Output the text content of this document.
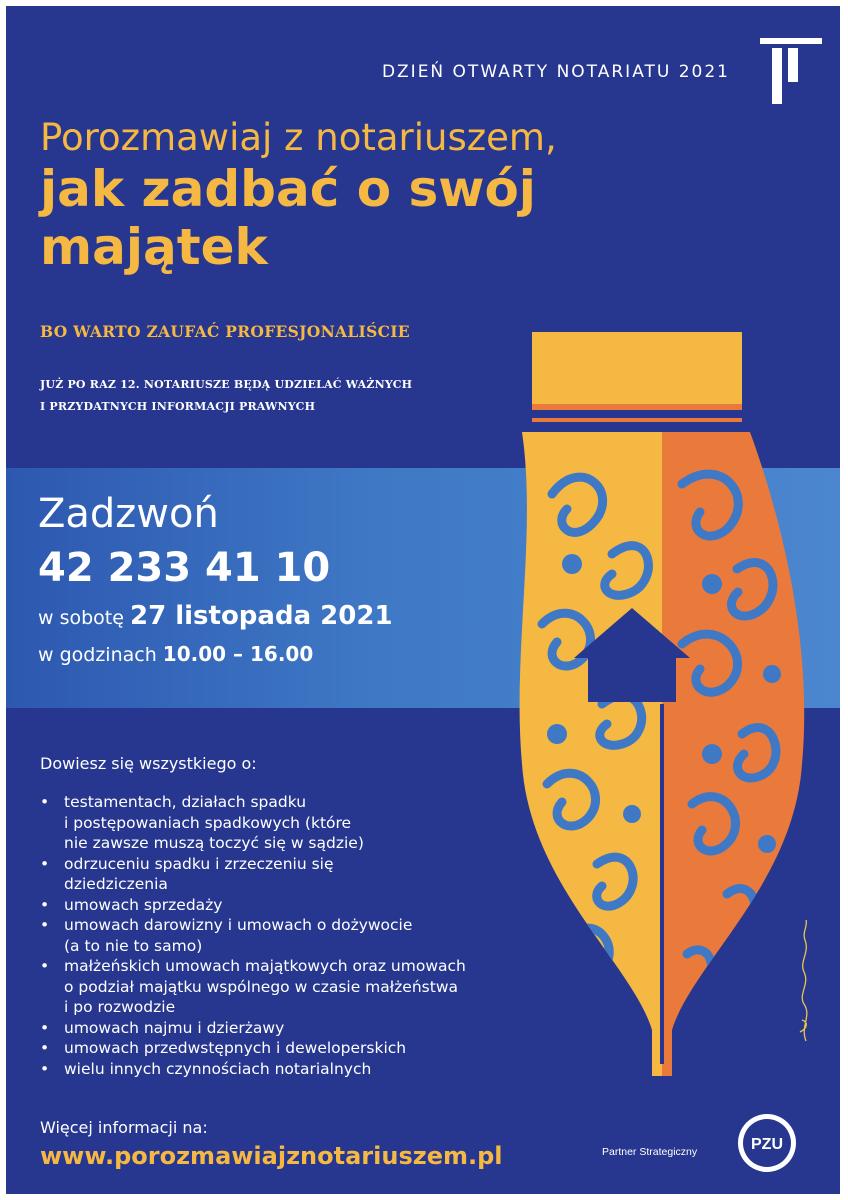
DZIEŃ OTWARTY NOTARIATU 2021
Porozmawiaj z notariuszem,
jak zadbać o swój
majątek
BO WARTO ZAUFAĆ PROFESJONALIŚCIE
JUŻ PO RAZ 12. NOTARIUSZE BĘDĄ UDZIELAĆ WAŻNYCH
I PRZYDATNYCH INFORMACJI PRAWNYCH
Zadzwoń
42 233 41 10
w sobotę 27 listopada 2021
w godzinach 10.00 – 16.00
Dowiesz się wszystkiego o:
• testamentach, działach spadku
i postępowaniach spadkowych (które
nie zawsze muszą toczyć się w sądzie)
• odrzuceniu spadku i zrzeczeniu się
dziedziczenia
• umowach sprzedaży
• umowach darowizny i umowach o dożywocie
(a to nie to samo)
• małżeńskich umowach majątkowych oraz umowach
o podział majątku wspólnego w czasie małżeństwa
i po rozwodzie
• umowach najmu i dzierżawy
• umowach przedwstępnych i deweloperskich
• wielu innych czynnościach notarialnych
Więcej informacji na:
www.porozmawiajznotariuszem.pl	Partner Strategiczny	PZU
